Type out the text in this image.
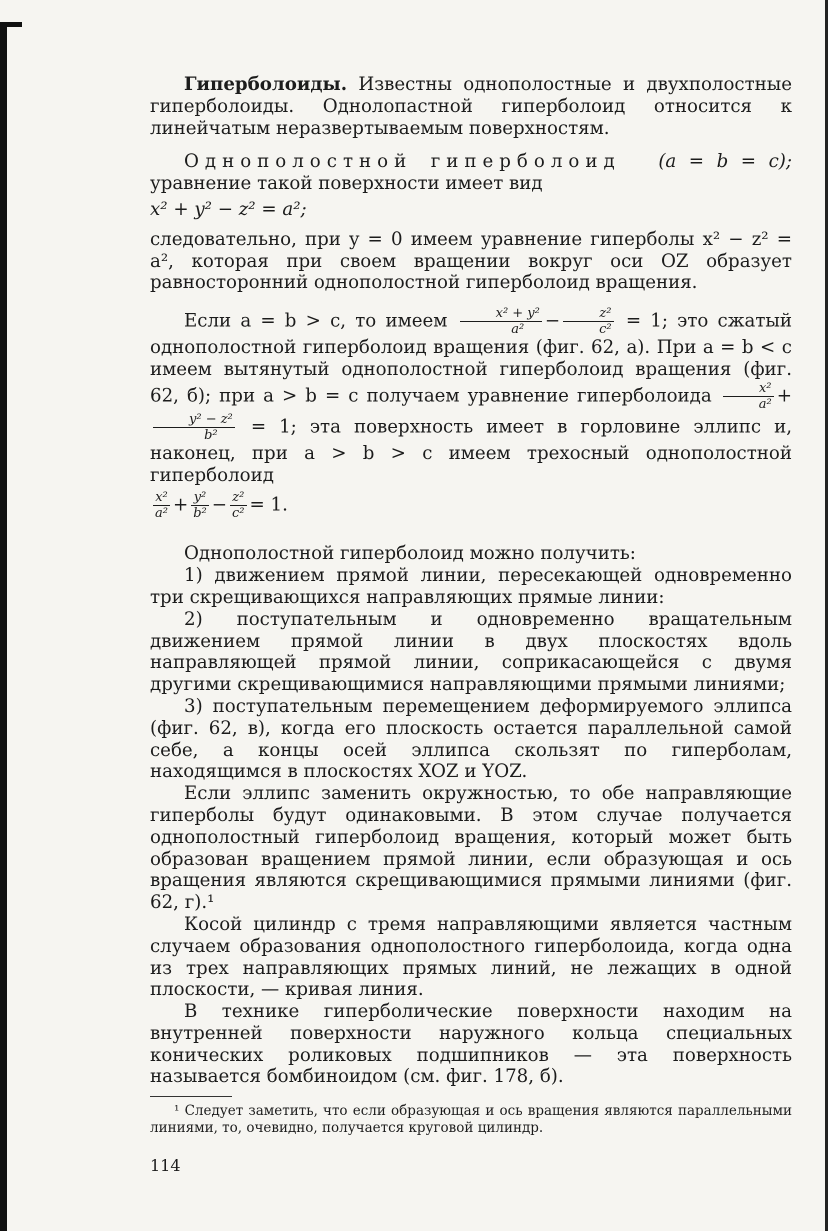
Гиперболоиды. Известны однополостные и двухполостные гиперболоиды. Однолопастной гиперболоид относится к линейчатым неразвертываемым поверхностям.

Однополостной гиперболоид (a = b = c); уравнение такой поверхности имеет вид

x² + y² − z² = a²;

следовательно, при y = 0 имеем уравнение гиперболы x² − z² = a², которая при своем вращении вокруг оси OZ образует равносторонний однополостной гиперболоид вращения.

Если a = b > c, то имеем $\frac{\text{x² + y²}}{\text{a²}} - \frac{\text{z²}}{\text{c²}} = 1$; это сжатый однополостной гиперболоид вращения (фиг. 62, a). При a = b < c имеем вытянутый однополостной гиперболоид вращения (фиг. 62, б); при a > b = c получаем уравнение гиперболоида $\frac{\text{x²}}{\text{a²}}$ +
$\frac{\text{y² − z²}}{\text{b²}} = 1$; эта поверхность имеет в горловине эллипс и, наконец, при a > b > c имеем трехосный однополостной гиперболоид

$\frac{\text{x²}}{\text{a²}} + \frac{\text{y²}}{\text{b²}} - \frac{\text{z²}}{\text{c²}} = 1$.

Однополостной гиперболоид можно получить:

1) движением прямой линии, пересекающей одновременно три скрещивающихся направляющих прямые линии:

2) поступательным и одновременно вращательным движением прямой линии в двух плоскостях вдоль направляющей прямой линии, соприкасающейся с двумя другими скрещивающимися направляющими прямыми линиями;

3) поступательным перемещением деформируемого эллипса (фиг. 62, в), когда его плоскость остается параллельной самой себе, а концы осей эллипса скользят по гиперболам, находящимся в плоскостях XOZ и YOZ.

Если эллипс заменить окружностью, то обе направляющие гиперболы будут одинаковыми. В этом случае получается однополостный гиперболоид вращения, который может быть образован вращением прямой линии, если образующая и ось вращения являются скрещивающимися прямыми линиями (фиг. 62, г).¹

Косой цилиндр с тремя направляющими является частным случаем образования однополостного гиперболоида, когда одна из трех направляющих прямых линий, не лежащих в одной плоскости, — кривая линия.

В технике гиперболические поверхности находим на внутренней поверхности наружного кольца специальных конических роликовых подшипников — эта поверхность называется бомбиноидом (см. фиг. 178, б).

¹ Следует заметить, что если образующая и ось вращения являются параллельными линиями, то, очевидно, получается круговой цилиндр.

114
